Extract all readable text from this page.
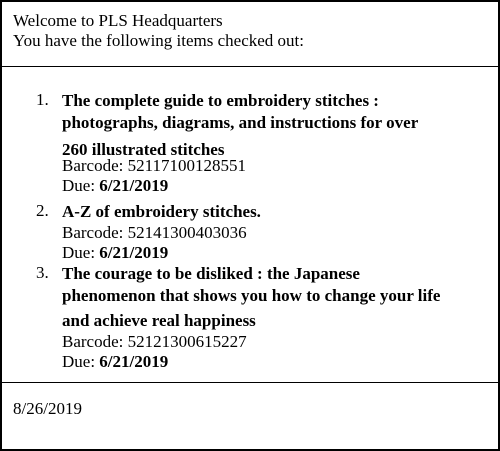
Welcome to PLS Headquarters
You have the following items checked out:
1. The complete guide to embroidery stitches :
photographs, diagrams, and instructions for over
260 illustrated stitches
Barcode: 52117100128551
Due: 6/21/2019
2. A-Z of embroidery stitches.
Barcode: 52141300403036
Due: 6/21/2019
3. The courage to be disliked : the Japanese
phenomenon that shows you how to change your life
and achieve real happiness
Barcode: 52121300615227
Due: 6/21/2019
8/26/2019
